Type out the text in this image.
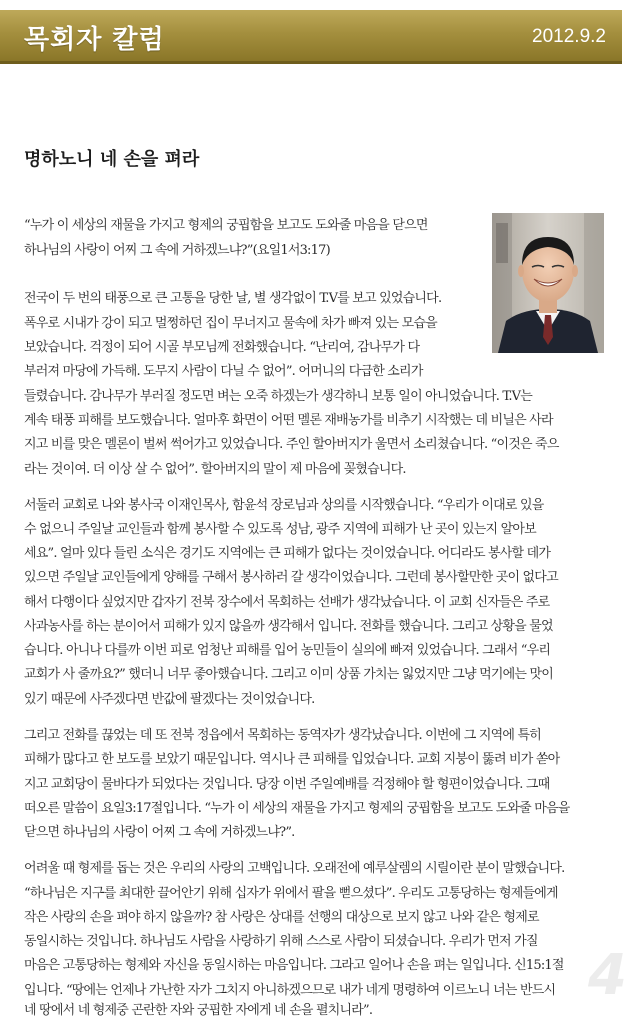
목회자 칼럼	2012.9.2
명하노니 네 손을 펴라
“누가 이 세상의 재물을 가지고 형제의 궁핍함을 보고도 도와줄 마음을 닫으면
하나님의 사랑이 어찌 그 속에 거하겠느냐?”(요일1서3:17)
전국이 두 번의 태풍으로 큰 고통을 당한 날, 별 생각없이 T.V를 보고 있었습니다.
폭우로 시내가 강이 되고 멀쩡하던 집이 무너지고 물속에 차가 빠져 있는 모습을
보았습니다. 걱정이 되어 시골 부모님께 전화했습니다. “난리여, 감나무가 다
부러져 마당에 가득해. 도무지 사람이 다닐 수 없어”. 어머니의 다급한 소리가
들렸습니다. 감나무가 부러질 정도면 벼는 오죽 하겠는가 생각하니 보통 일이 아니었습니다. T.V는
계속 태풍 피해를 보도했습니다. 얼마후 화면이 어떤 멜론 재배농가를 비추기 시작했는 데 비닐은 사라
지고 비를 맞은 멜론이 벌써 썩어가고 있었습니다. 주인 할아버지가 울면서 소리쳤습니다. “이것은 죽으
라는 것이여. 더 이상 살 수 없어”. 할아버지의 말이 제 마음에 꽂혔습니다.
서둘러 교회로 나와 봉사국 이재인목사, 함윤석 장로님과 상의를 시작했습니다. “우리가 이대로 있을
수 없으니 주일날 교인들과 함께 봉사할 수 있도록 성남, 광주 지역에 피해가 난 곳이 있는지 알아보
세요”. 얼마 있다 들린 소식은 경기도 지역에는 큰 피해가 없다는 것이었습니다. 어디라도 봉사할 데가
있으면 주일날 교인들에게 양해를 구해서 봉사하러 갈 생각이었습니다. 그런데 봉사할만한 곳이 없다고
해서 다행이다 싶었지만 갑자기 전북 장수에서 목회하는 선배가 생각났습니다. 이 교회 신자들은 주로
사과농사를 하는 분이어서 피해가 있지 않을까 생각해서 입니다. 전화를 했습니다. 그리고 상황을 물었
습니다. 아니나 다를까 이번 피로 엄청난 피해를 입어 농민들이 실의에 빠져 있었습니다. 그래서 “우리
교회가 사 줄까요?” 했더니 너무 좋아했습니다. 그리고 이미 상품 가치는 잃었지만 그냥 먹기에는 맛이
있기 때문에 사주겠다면 반값에 팔겠다는 것이었습니다.
그리고 전화를 끊었는 데 또 전북 정읍에서 목회하는 동역자가 생각났습니다. 이번에 그 지역에 특히
피해가 많다고 한 보도를 보았기 때문입니다. 역시나 큰 피해를 입었습니다. 교회 지붕이 뚫려 비가 쏟아
지고 교회당이 물바다가 되었다는 것입니다. 당장 이번 주일예배를 걱정해야 할 형편이었습니다. 그때
떠오른 말씀이 요일3:17절입니다. “누가 이 세상의 재물을 가지고 형제의 궁핍함을 보고도 도와줄 마음을
닫으면 하나님의 사랑이 어찌 그 속에 거하겠느냐?”.
어려울 때 형제를 돕는 것은 우리의 사랑의 고백입니다. 오래전에 예루살렘의 시릴이란 분이 말했습니다.
“하나님은 지구를 최대한 끌어안기 위해 십자가 위에서 팔을 뻗으셨다”. 우리도 고통당하는 형제들에게
작은 사랑의 손을 펴야 하지 않을까? 참 사랑은 상대를 선행의 대상으로 보지 않고 나와 같은 형제로
동일시하는 것입니다. 하나님도 사람을 사랑하기 위해 스스로 사람이 되셨습니다. 우리가 먼저 가질
마음은 고통당하는 형제와 자신을 동일시하는 마음입니다. 그라고 일어나 손을 펴는 일입니다. 신15:1절
입니다. “땅에는 언제나 가난한 자가 그치지 아니하겠으므로 내가 네게 명령하여 이르노니 너는 반드시
네 땅에서 네 형제중 곤란한 자와 궁핍한 자에게 네 손을 펼치니라”.
4
